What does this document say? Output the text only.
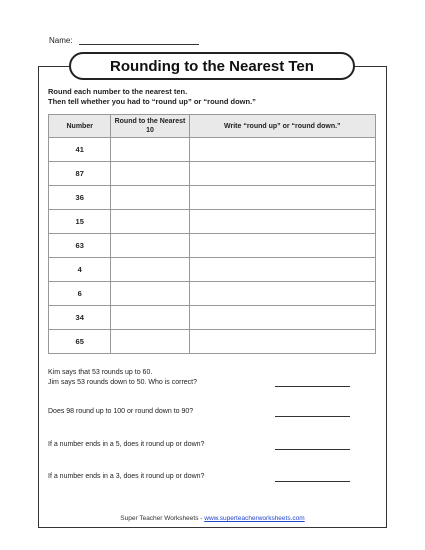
Name:
Rounding to the Nearest Ten
Round each number to the nearest ten.
Then tell whether you had to “round up” or “round down.”
Number	Round to the Nearest 10	Write “round up” or “round down.”
41		
87		
36		
15		
63		
4		
6		
34		
65		
Kim says that 53 rounds up to 60.
Jim says 53 rounds down to 50. Who is correct?
Does 98 round up to 100 or round down to 90?
If a number ends in a 5, does it round up or down?
If a number ends in a 3, does it round up or down?
Super Teacher Worksheets - www.superteacherworksheets.com
